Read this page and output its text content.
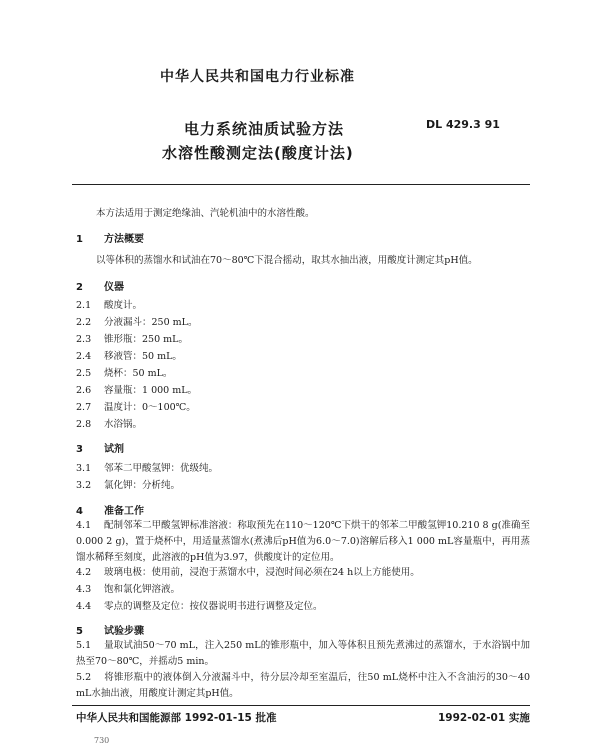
中华人民共和国电力行业标准
DL 429.3 91
电力系统油质试验方法
水溶性酸测定法(酸度计法)
本方法适用于测定绝缘油、汽轮机油中的水溶性酸。
1 方法概要
以等体积的蒸馏水和试油在70～80℃下混合摇动，取其水抽出液，用酸度计测定其pH值。
2 仪器
2.1 酸度计。
2.2 分液漏斗：250 mL。
2.3 锥形瓶：250 mL。
2.4 移液管：50 mL。
2.5 烧杯：50 mL。
2.6 容量瓶：1 000 mL。
2.7 温度计：0～100℃。
2.8 水浴锅。
3 试剂
3.1 邻苯二甲酸氢钾：优级纯。
3.2 氯化钾：分析纯。
4 准备工作
4.1 配制邻苯二甲酸氢钾标准溶液：称取预先在110～120℃下烘干的邻苯二甲酸氢钾10.210 8 g(准确至0.000 2 g)，置于烧杯中，用适量蒸馏水(煮沸后pH值为6.0～7.0)溶解后移入1 000 mL容量瓶中，再用蒸馏水稀释至刻度，此溶液的pH值为3.97，供酸度计的定位用。
4.2 玻璃电极：使用前，浸泡于蒸馏水中，浸泡时间必须在24 h以上方能使用。
4.3 饱和氯化钾溶液。
4.4 零点的调整及定位：按仪器说明书进行调整及定位。
5 试验步骤
5.1 量取试油50～70 mL，注入250 mL的锥形瓶中，加入等体积且预先煮沸过的蒸馏水，于水浴锅中加热至70～80℃，并摇动5 min。
5.2 将锥形瓶中的液体倒入分液漏斗中，待分层冷却至室温后，往50 mL烧杯中注入不含油污的30～40 mL水抽出液，用酸度计测定其pH值。
中华人民共和国能源部 1992-01-15 批准	1992-02-01 实施
730
